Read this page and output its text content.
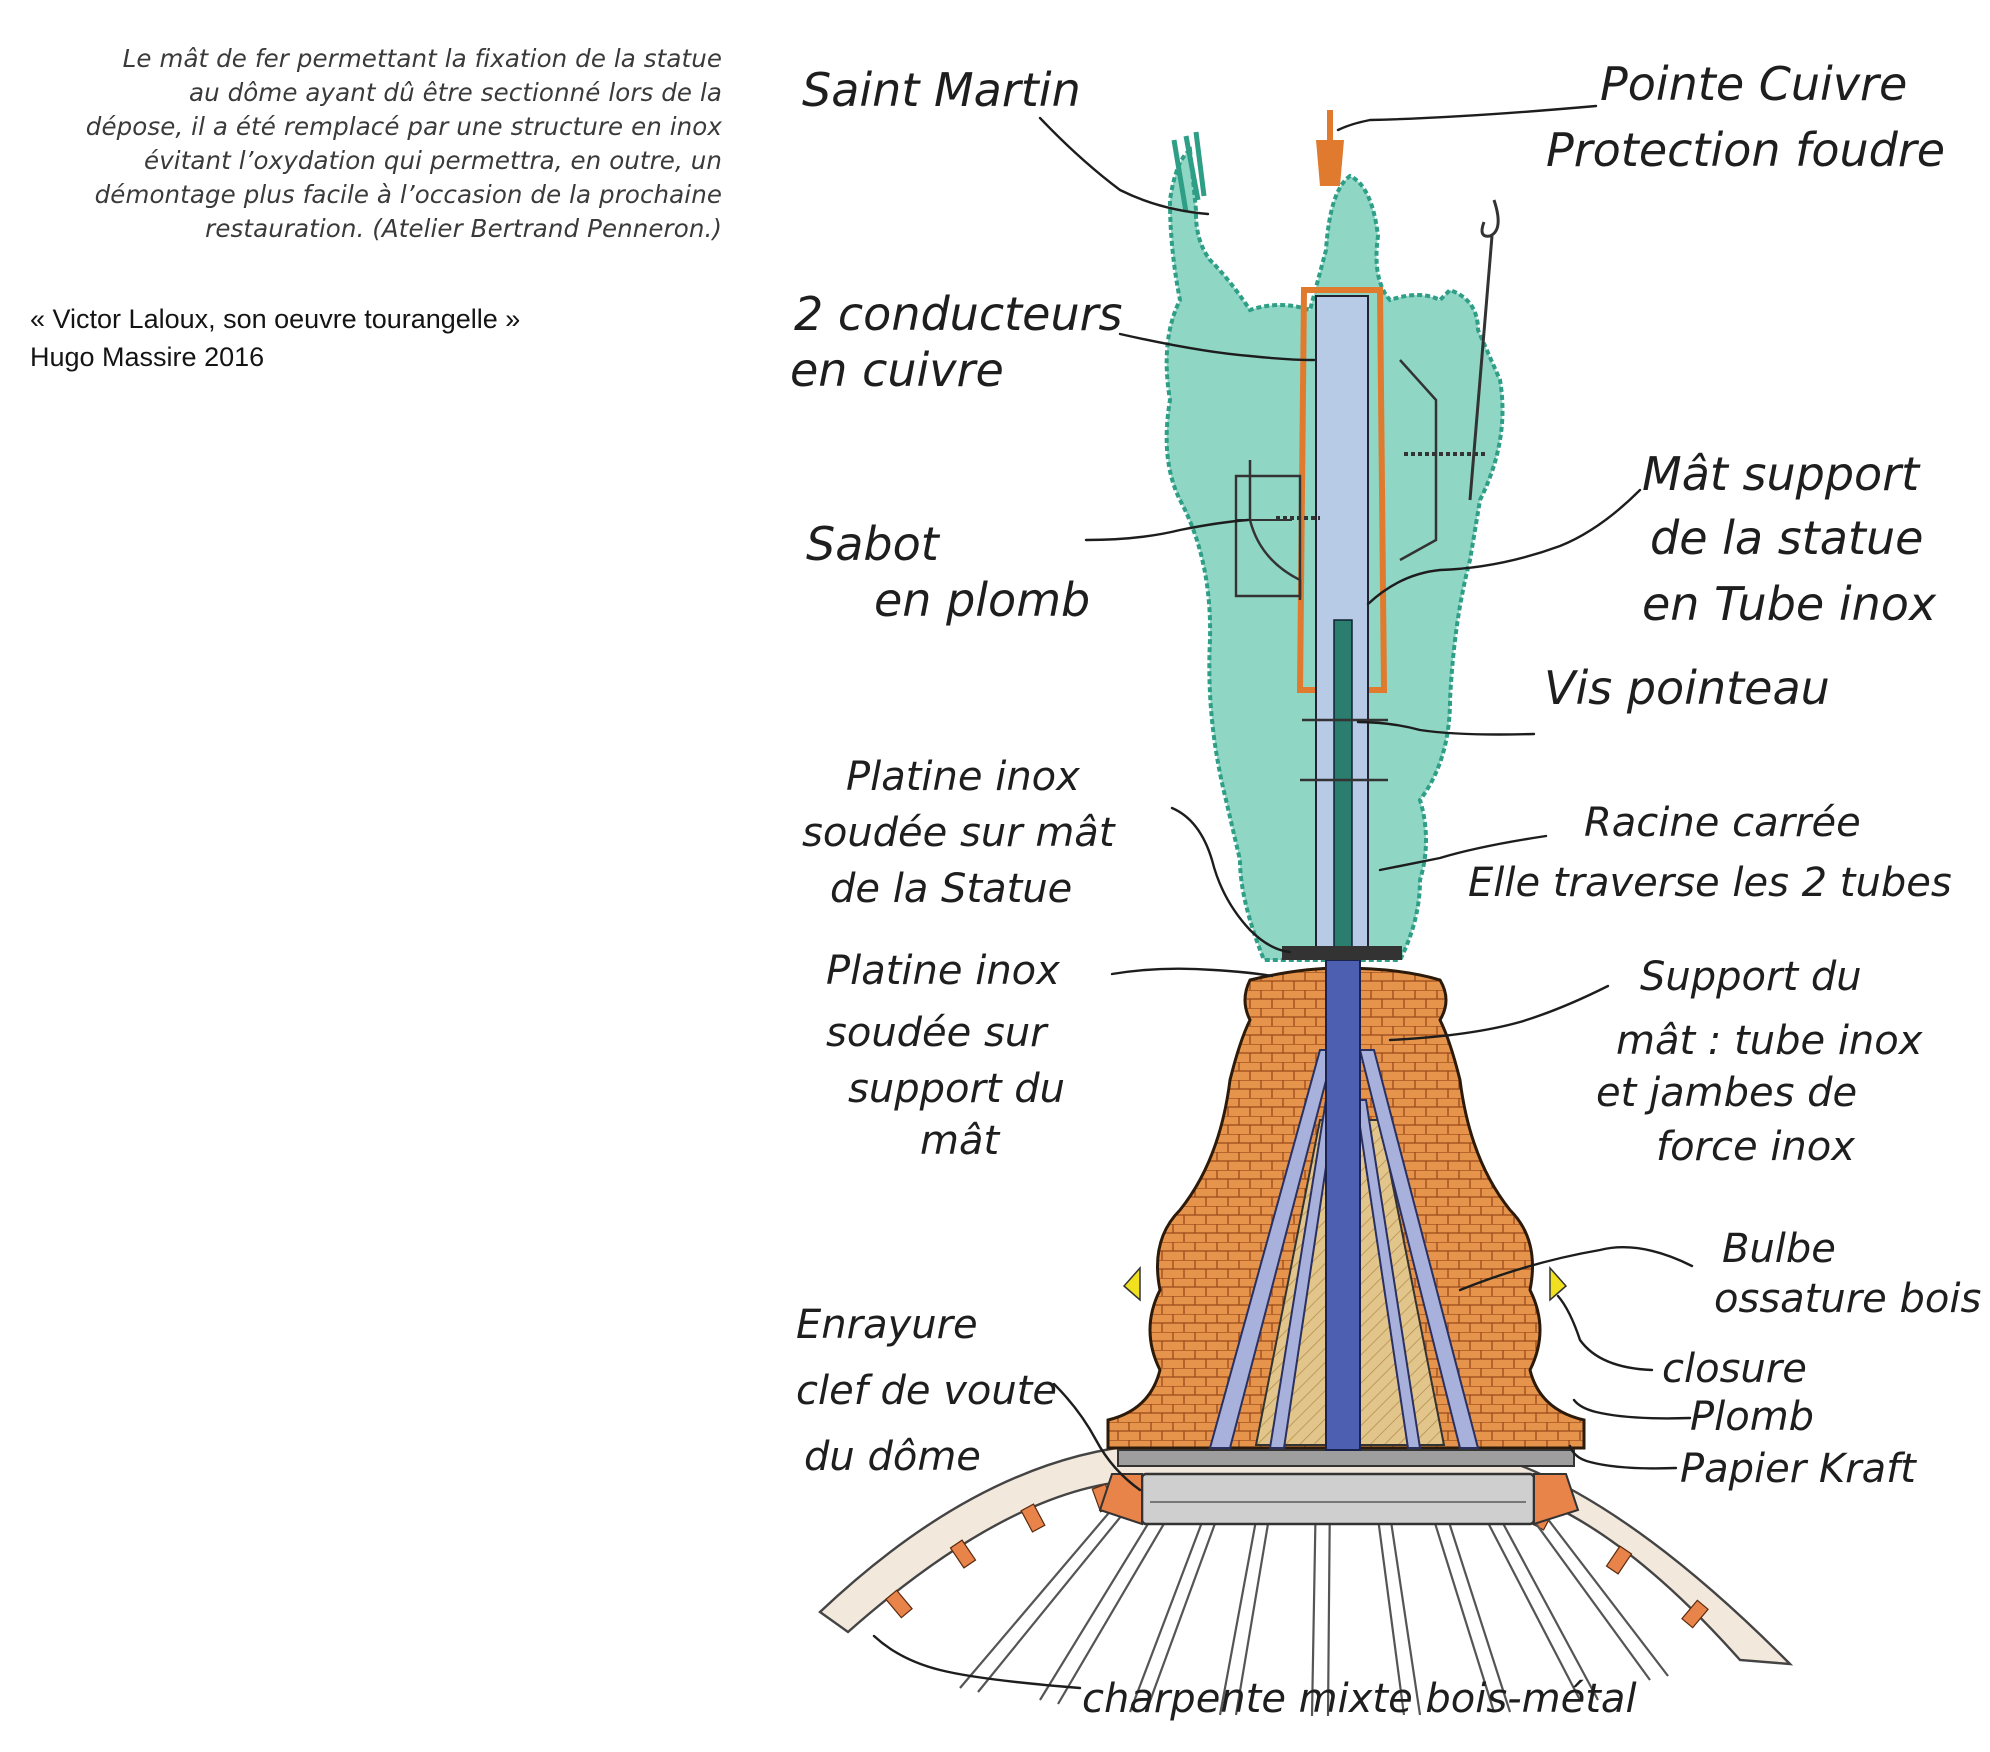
Le mât de fer permettant la fixation de la statue
au dôme ayant dû être sectionné lors de la
dépose, il a été remplacé par une structure en inox
évitant l’oxydation qui permettra, en outre, un
démontage plus facile à l’occasion de la prochaine
restauration. (Atelier Bertrand Penneron.)
« Victor Laloux, son oeuvre tourangelle »
Hugo Massire 2016
Saint Martin	Pointe Cuivre
Protection foudre
2 conducteurs
en cuivre
Mât support
de la statue
en Tube inox
Sabot
en plomb
Vis pointeau
Platine inox
soudée sur mât
de la Statue
Racine carrée
Elle traverse les 2 tubes
Platine inox
soudée sur
support du
mât
Support du
mât : tube inox
et jambes de
force inox
Bulbe
ossature bois
closure
Plomb
Papier Kraft
Enrayure
clef de voute
du dôme
charpente mixte bois-métal
